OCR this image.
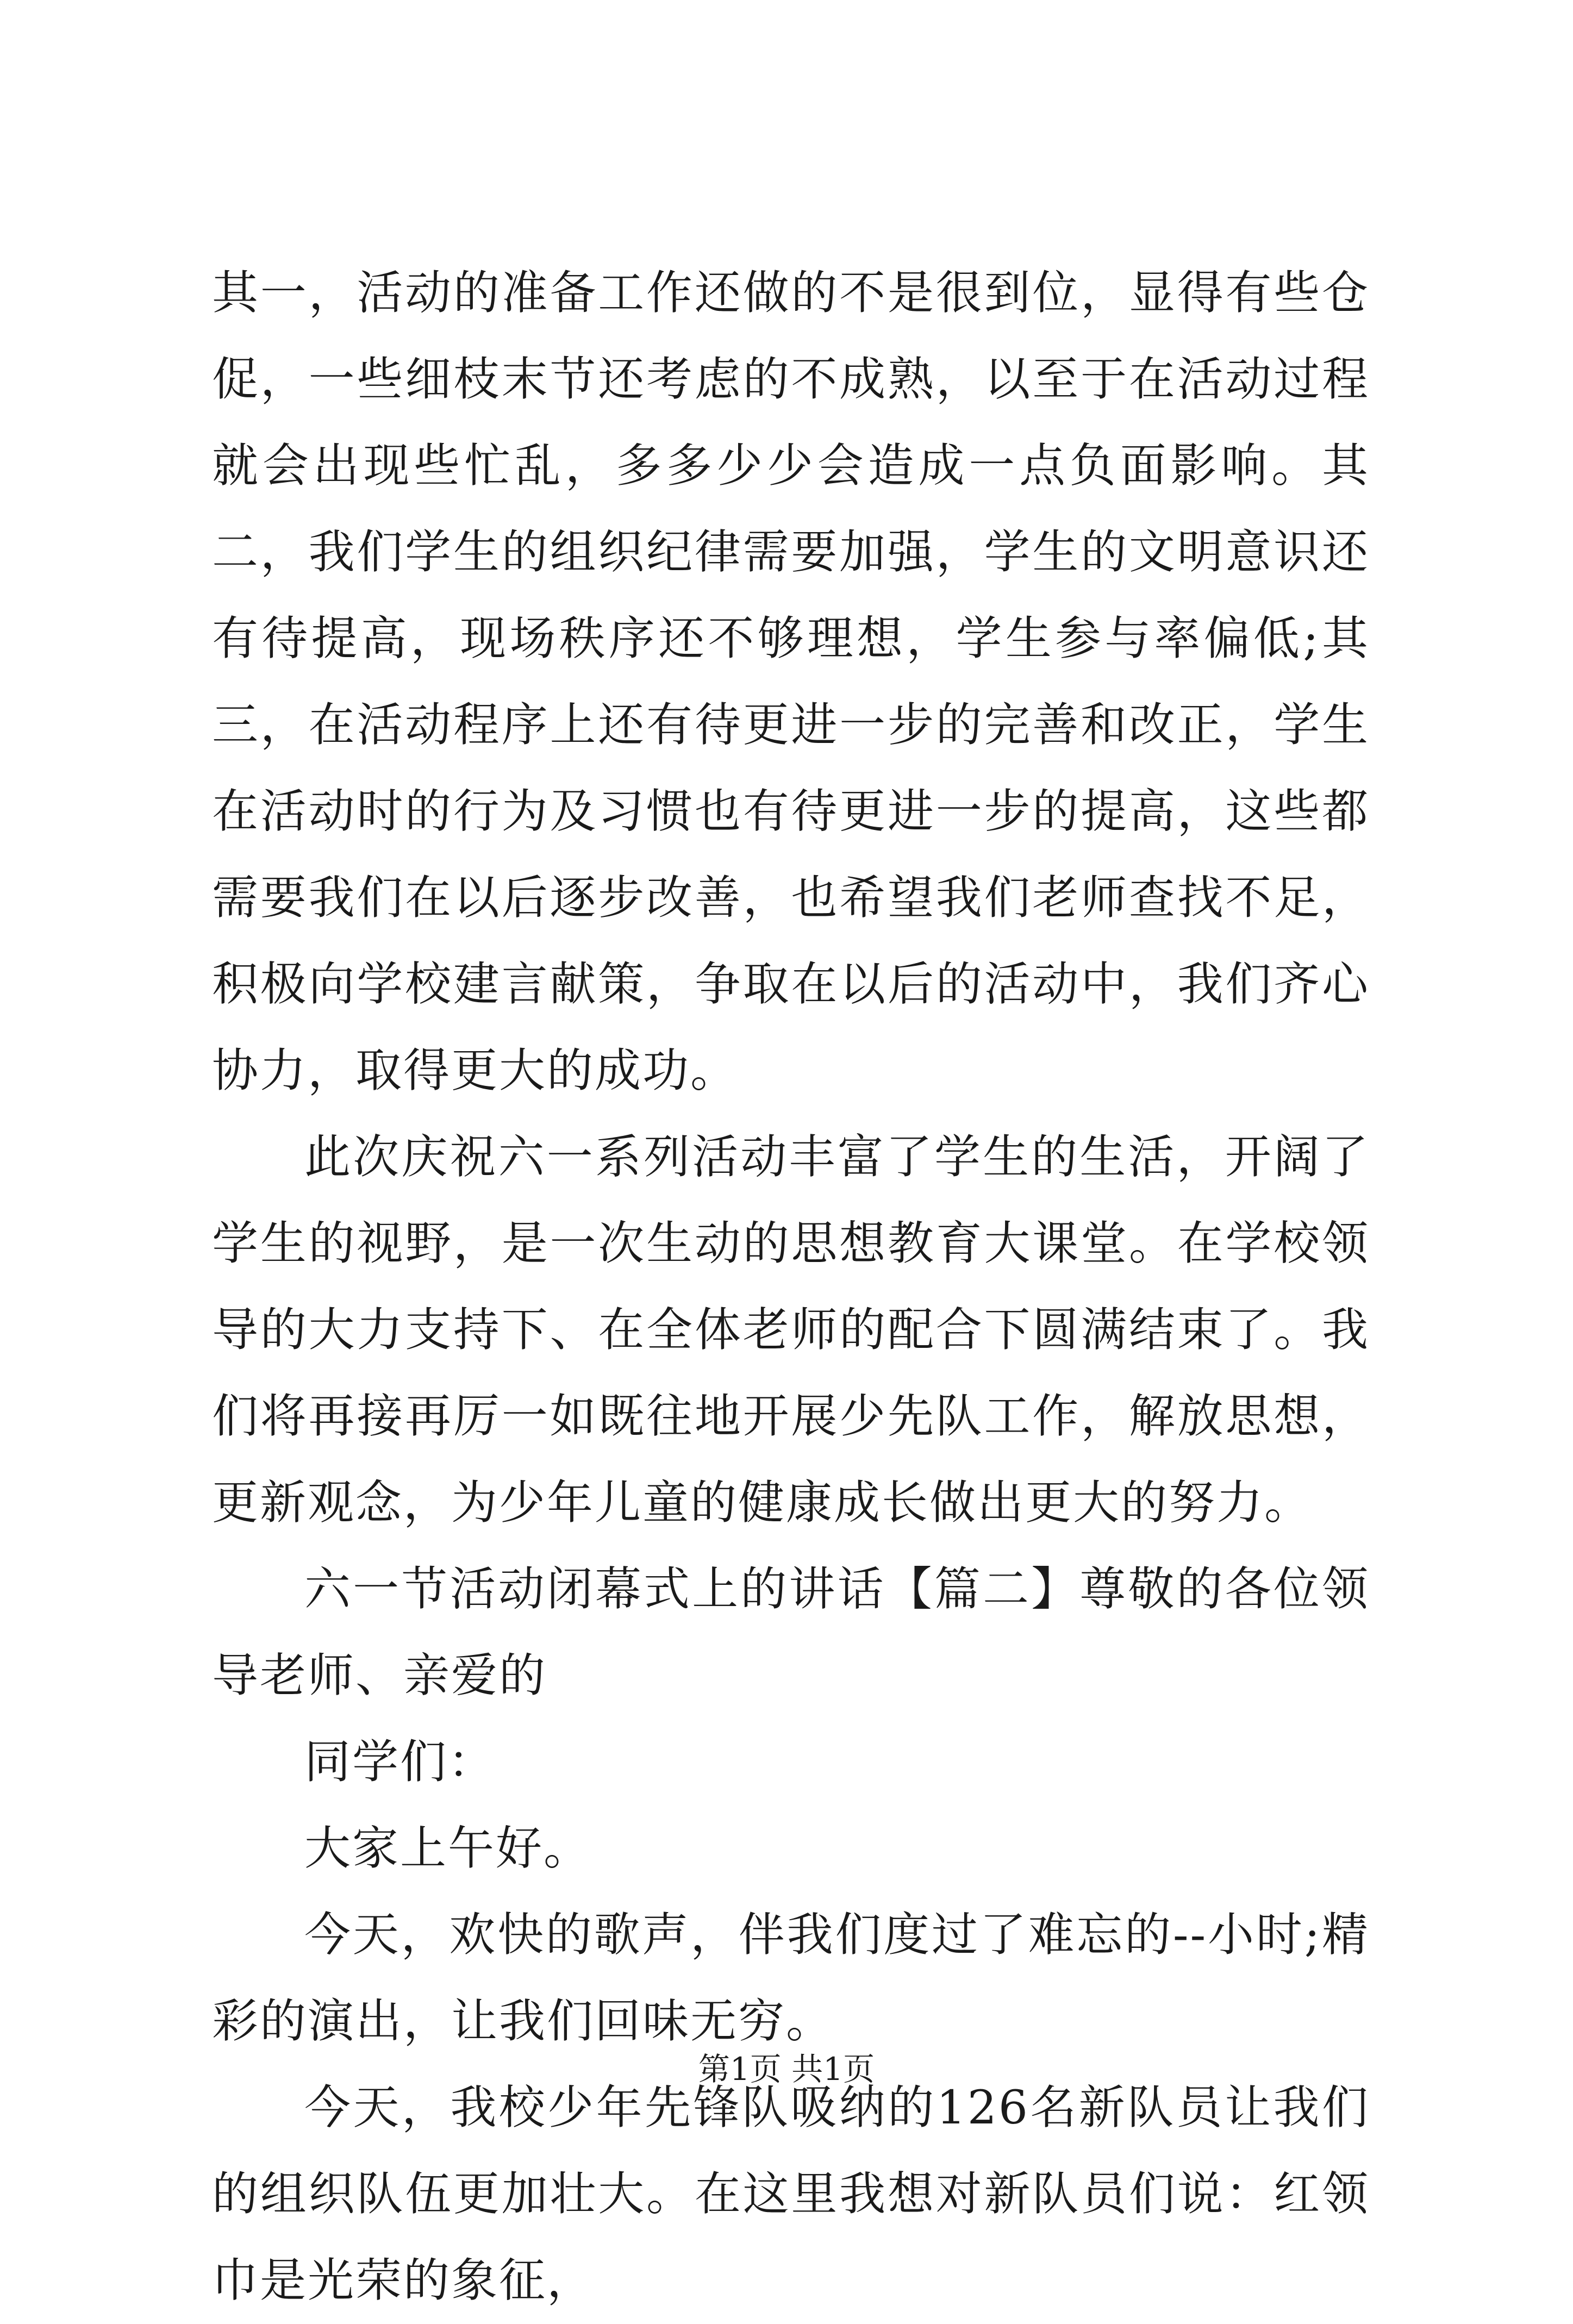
其一，活动的准备工作还做的不是很到位，显得有些仓促，一些细枝末节还考虑的不成熟，以至于在活动过程就会出现些忙乱，多多少少会造成一点负面影响。其二，我们学生的组织纪律需要加强，学生的文明意识还有待提高，现场秩序还不够理想，学生参与率偏低;其三，在活动程序上还有待更进一步的完善和改正，学生在活动时的行为及习惯也有待更进一步的提高，这些都需要我们在以后逐步改善，也希望我们老师查找不足，积极向学校建言献策，争取在以后的活动中，我们齐心协力，取得更大的成功。

此次庆祝六一系列活动丰富了学生的生活，开阔了学生的视野，是一次生动的思想教育大课堂。在学校领导的大力支持下、在全体老师的配合下圆满结束了。我们将再接再厉一如既往地开展少先队工作，解放思想，更新观念，为少年儿童的健康成长做出更大的努力。

六一节活动闭幕式上的讲话【篇二】尊敬的各位领导老师、亲爱的

同学们：

大家上午好。

今天，欢快的歌声，伴我们度过了难忘的--小时;精彩的演出，让我们回味无穷。

今天，我校少年先锋队吸纳的126名新队员让我们的组织队伍更加壮大。在这里我想对新队员们说：红领巾是光荣的象征，

第1页 共1页
